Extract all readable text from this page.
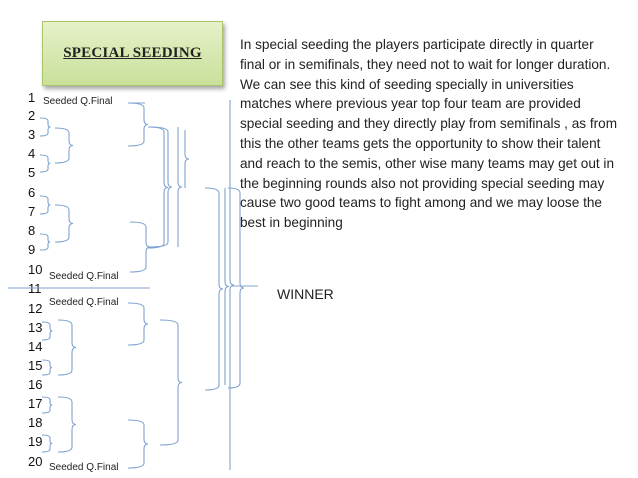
SPECIAL SEEDING

In special seeding the players participate directly in quarter final or in semifinals, they need not to wait for longer duration. We can see this kind of seeding specially in universities matches where previous year top four team are provided special seeding and they directly play from semifinals , as from this the other teams gets the opportunity to show their talent and reach to the semis, other wise many teams may get out in the beginning rounds also not providing special seeding may cause two good teams to fight among and we may loose the best in beginning

WINNER
1
2
3
4
5
6
7
8
9
10
11
12
13
14
15
16
17
18
19
20
Seeded Q.Final
Seeded Q.Final
Seeded Q.Final
Seeded Q.Final
